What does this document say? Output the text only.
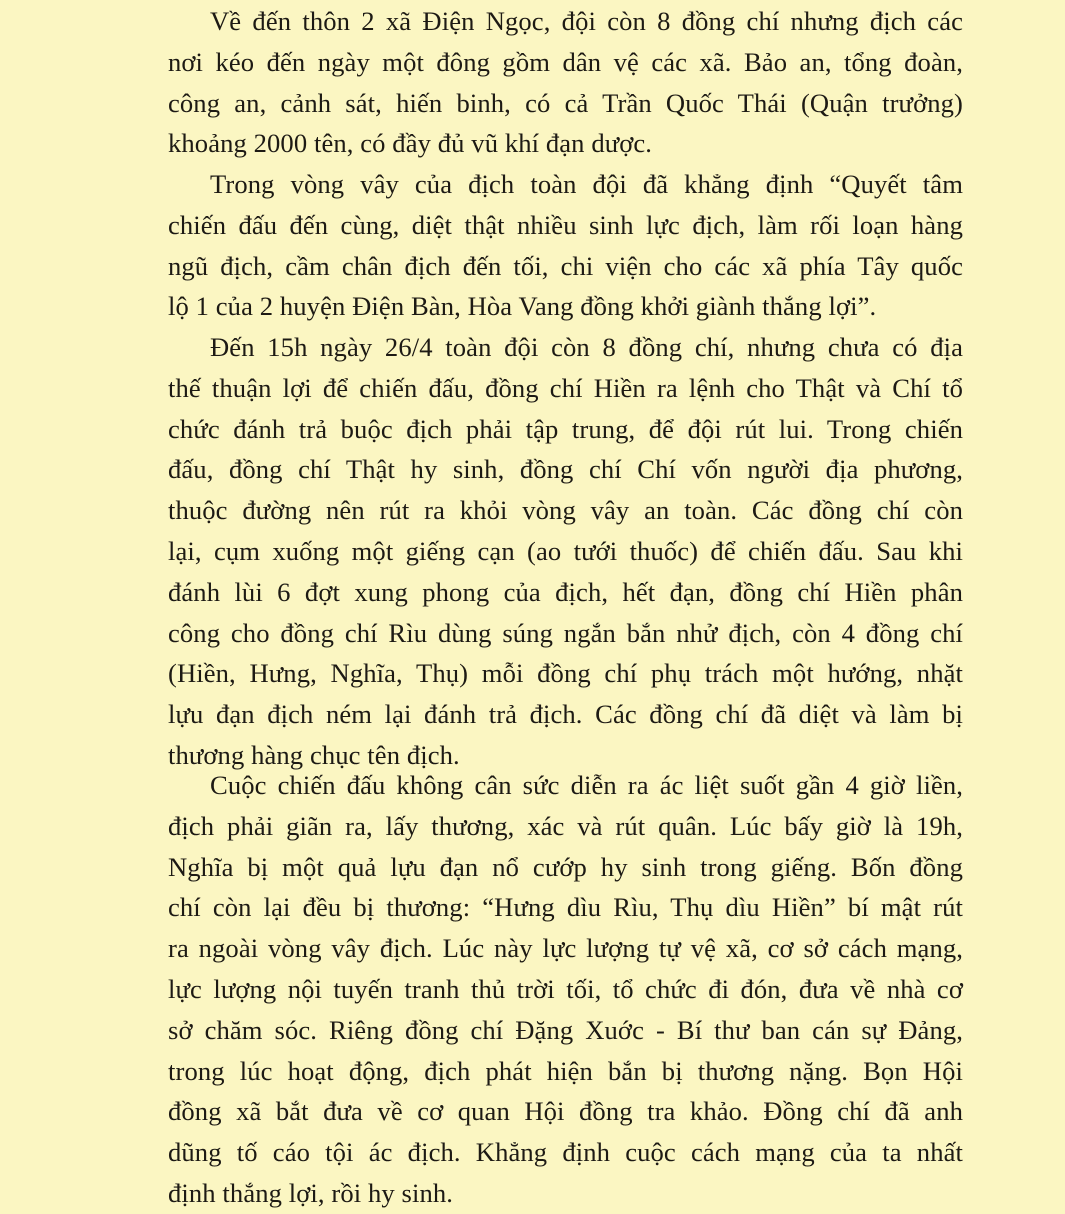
Về đến thôn 2 xã Điện Ngọc, đội còn 8 đồng chí nhưng địch các
nơi kéo đến ngày một đông gồm dân vệ các xã. Bảo an, tổng đoàn,
công an, cảnh sát, hiến binh, có cả Trần Quốc Thái (Quận trưởng)
khoảng 2000 tên, có đầy đủ vũ khí đạn dược.

Trong vòng vây của địch toàn đội đã khẳng định “Quyết tâm
chiến đấu đến cùng, diệt thật nhiều sinh lực địch, làm rối loạn hàng
ngũ địch, cầm chân địch đến tối, chi viện cho các xã phía Tây quốc
lộ 1 của 2 huyện Điện Bàn, Hòa Vang đồng khởi giành thắng lợi”.

Đến 15h ngày 26/4 toàn đội còn 8 đồng chí, nhưng chưa có địa
thế thuận lợi để chiến đấu, đồng chí Hiền ra lệnh cho Thật và Chí tổ
chức đánh trả buộc địch phải tập trung, để đội rút lui. Trong chiến
đấu, đồng chí Thật hy sinh, đồng chí Chí vốn người địa phương,
thuộc đường nên rút ra khỏi vòng vây an toàn. Các đồng chí còn
lại, cụm xuống một giếng cạn (ao tưới thuốc) để chiến đấu. Sau khi
đánh lùi 6 đợt xung phong của địch, hết đạn, đồng chí Hiền phân
công cho đồng chí Rìu dùng súng ngắn bắn nhử địch, còn 4 đồng chí
(Hiền, Hưng, Nghĩa, Thụ) mỗi đồng chí phụ trách một hướng, nhặt
lựu đạn địch ném lại đánh trả địch. Các đồng chí đã diệt và làm bị
thương hàng chục tên địch.

Cuộc chiến đấu không cân sức diễn ra ác liệt suốt gần 4 giờ liền,
địch phải giãn ra, lấy thương, xác và rút quân. Lúc bấy giờ là 19h,
Nghĩa bị một quả lựu đạn nổ cướp hy sinh trong giếng. Bốn đồng
chí còn lại đều bị thương: “Hưng dìu Rìu, Thụ dìu Hiền” bí mật rút
ra ngoài vòng vây địch. Lúc này lực lượng tự vệ xã, cơ sở cách mạng,
lực lượng nội tuyến tranh thủ trời tối, tổ chức đi đón, đưa về nhà cơ
sở chăm sóc. Riêng đồng chí Đặng Xuớc - Bí thư ban cán sự Đảng,
trong lúc hoạt động, địch phát hiện bắn bị thương nặng. Bọn Hội
đồng xã bắt đưa về cơ quan Hội đồng tra khảo. Đồng chí đã anh
dũng tố cáo tội ác địch. Khẳng định cuộc cách mạng của ta nhất
định thắng lợi, rồi hy sinh.
